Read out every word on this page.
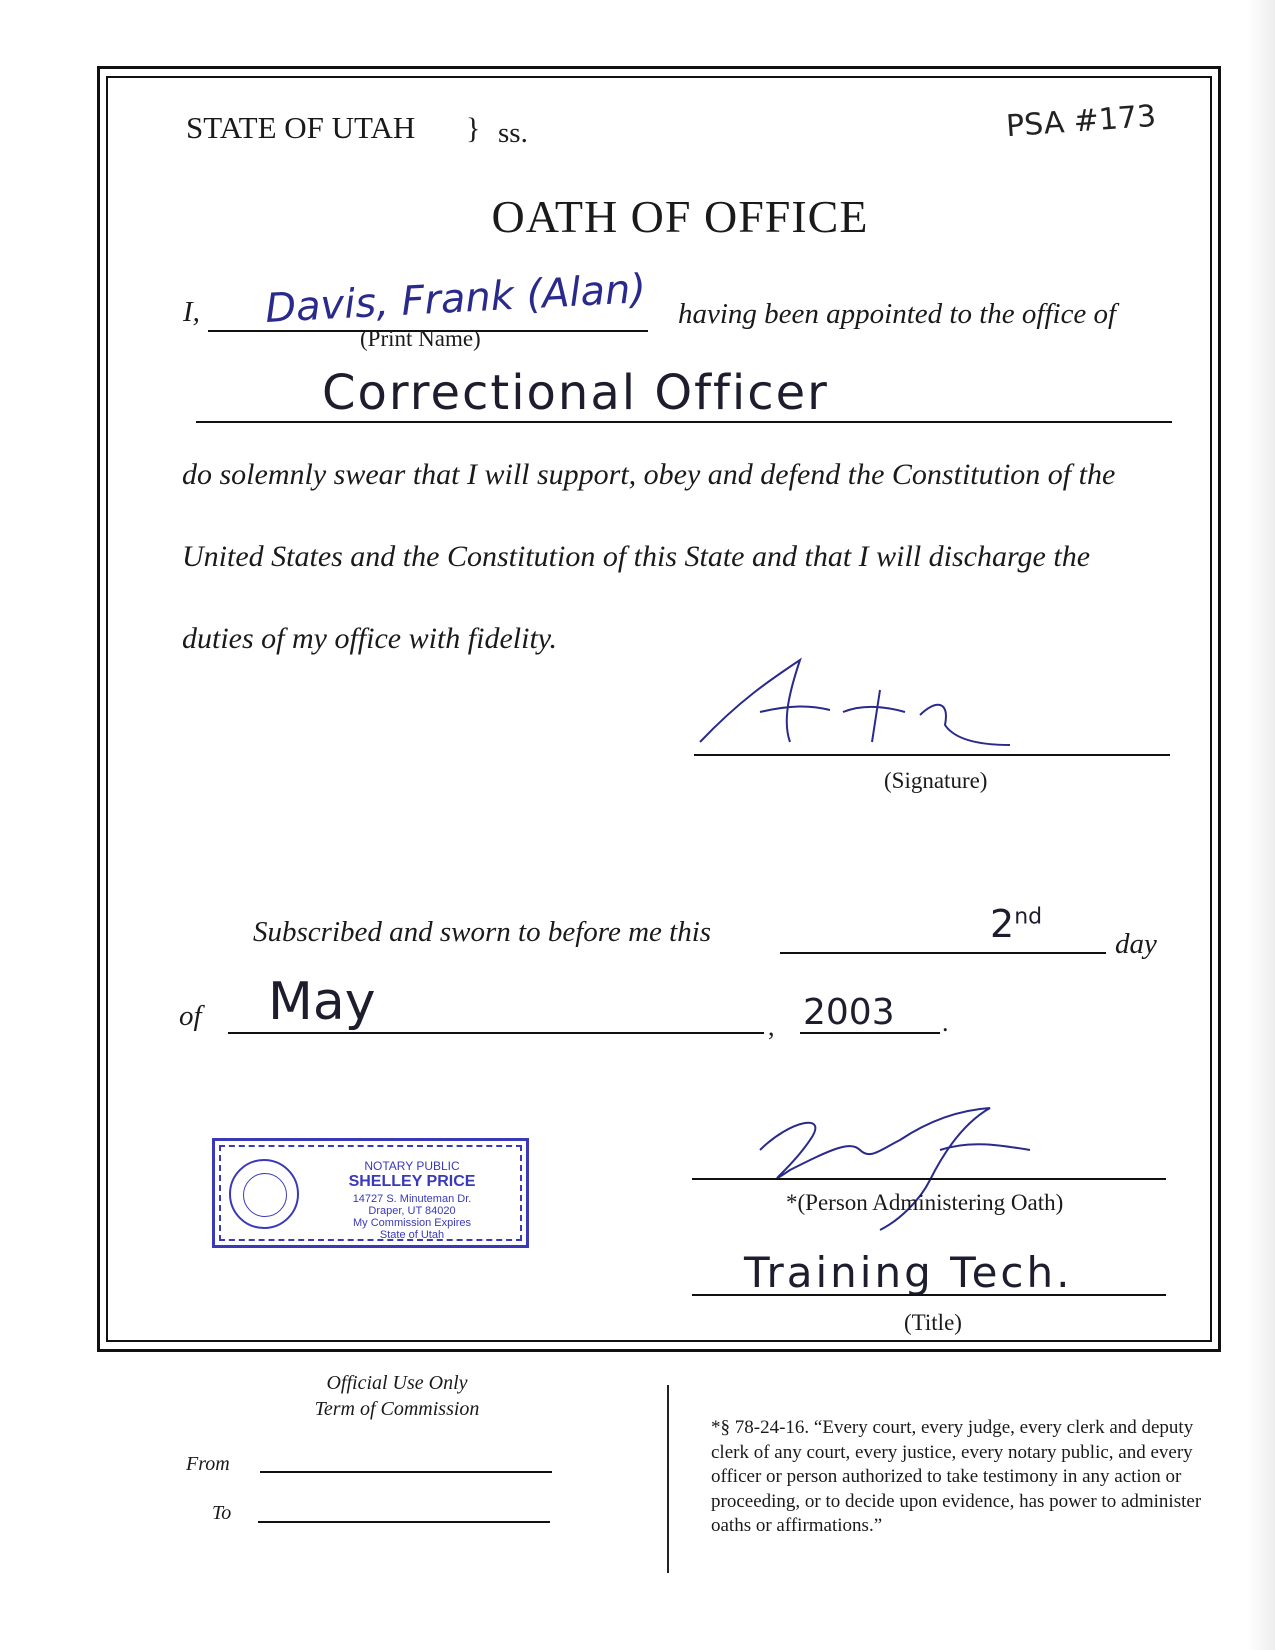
STATE OF UTAH } ss.	PSA #173
OATH OF OFFICE
I, Davis, Frank (Alan)
(Print Name)
having been appointed to the office of
Correctional Officer
do solemnly swear that I will support, obey and defend the Constitution of the
United States and the Constitution of this State and that I will discharge the
duties of my office with fidelity.
(Signature)
Subscribed and sworn to before me this	2nd
day
of May	, 2003 .
NOTARY PUBLIC
SHELLEY PRICE
14727 S. Minuteman Dr.
Draper, UT 84020
My Commission Expires
State of Utah
*(Person Administering Oath)
Training Tech.
(Title)
Official Use Only
Term of Commission
From
To
*§ 78-24-16. “Every court, every judge, every clerk and deputy clerk of any court, every justice, every notary public, and every officer or person authorized to take testimony in any action or proceeding, or to decide upon evidence, has power to administer oaths or affirmations.”
